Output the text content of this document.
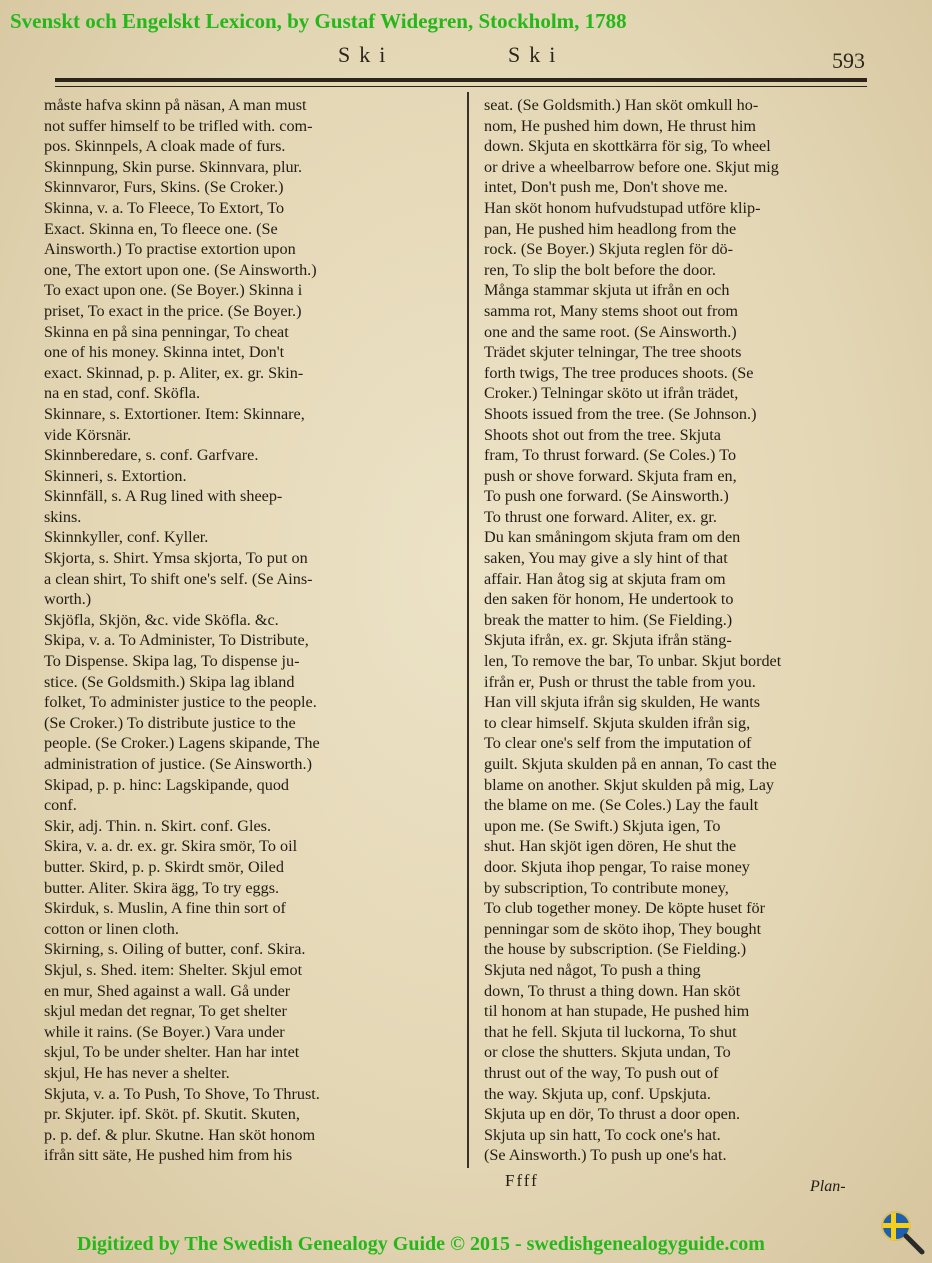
Svenskt och Engelskt Lexicon, by Gustaf Widegren, Stockholm, 1788
Ski	Ski	593
måste hafva skinn på näsan, A man must
not suffer himself to be trifled with. com-
pos. Skinnpels, A cloak made of furs.
Skinnpung, Skin purse. Skinnvara, plur.
Skinnvaror, Furs, Skins. (Se Croker.)
Skinna, v. a. To Fleece, To Extort, To
Exact. Skinna en, To fleece one. (Se
Ainsworth.) To practise extortion upon
one, The extort upon one. (Se Ainsworth.)
To exact upon one. (Se Boyer.) Skinna i
priset, To exact in the price. (Se Boyer.)
Skinna en på sina penningar, To cheat
one of his money. Skinna intet, Don't
exact. Skinnad, p. p. Aliter, ex. gr. Skin-
na en stad, conf. Sköfla.
Skinnare, s. Extortioner. Item: Skinnare,
vide Körsnär.
Skinnberedare, s. conf. Garfvare.
Skinneri, s. Extortion.
Skinnfäll, s. A Rug lined with sheep-
skins.
Skinnkyller, conf. Kyller.
Skjorta, s. Shirt. Ymsa skjorta, To put on
a clean shirt, To shift one's self. (Se Ains-
worth.)
Skjöfla, Skjön, &c. vide Sköfla. &c.
Skipa, v. a. To Administer, To Distribute,
To Dispense. Skipa lag, To dispense ju-
stice. (Se Goldsmith.) Skipa lag ibland
folket, To administer justice to the people.
(Se Croker.) To distribute justice to the
people. (Se Croker.) Lagens skipande, The
administration of justice. (Se Ainsworth.)
Skipad, p. p. hinc: Lagskipande, quod
conf.
Skir, adj. Thin. n. Skirt. conf. Gles.
Skira, v. a. dr. ex. gr. Skira smör, To oil
butter. Skird, p. p. Skirdt smör, Oiled
butter. Aliter. Skira ägg, To try eggs.
Skirduk, s. Muslin, A fine thin sort of
cotton or linen cloth.
Skirning, s. Oiling of butter, conf. Skira.
Skjul, s. Shed. item: Shelter. Skjul emot
en mur, Shed against a wall. Gå under
skjul medan det regnar, To get shelter
while it rains. (Se Boyer.) Vara under
skjul, To be under shelter. Han har intet
skjul, He has never a shelter.
Skjuta, v. a. To Push, To Shove, To Thrust.
pr. Skjuter. ipf. Sköt. pf. Skutit. Skuten,
p. p. def. & plur. Skutne. Han sköt honom
ifrån sitt säte, He pushed him from his
seat. (Se Goldsmith.) Han sköt omkull ho-
nom, He pushed him down, He thrust him
down. Skjuta en skottkärra för sig, To wheel
or drive a wheelbarrow before one. Skjut mig
intet, Don't push me, Don't shove me.
Han sköt honom hufvudstupad utföre klip-
pan, He pushed him headlong from the
rock. (Se Boyer.) Skjuta reglen för dö-
ren, To slip the bolt before the door.
Många stammar skjuta ut ifrån en och
samma rot, Many stems shoot out from
one and the same root. (Se Ainsworth.)
Trädet skjuter telningar, The tree shoots
forth twigs, The tree produces shoots. (Se
Croker.) Telningar sköto ut ifrån trädet,
Shoots issued from the tree. (Se Johnson.)
Shoots shot out from the tree. Skjuta
fram, To thrust forward. (Se Coles.) To
push or shove forward. Skjuta fram en,
To push one forward. (Se Ainsworth.)
To thrust one forward. Aliter, ex. gr.
Du kan småningom skjuta fram om den
saken, You may give a sly hint of that
affair. Han åtog sig at skjuta fram om
den saken för honom, He undertook to
break the matter to him. (Se Fielding.)
Skjuta ifrån, ex. gr. Skjuta ifrån stäng-
len, To remove the bar, To unbar. Skjut bordet
ifrån er, Push or thrust the table from you.
Han vill skjuta ifrån sig skulden, He wants
to clear himself. Skjuta skulden ifrån sig,
To clear one's self from the imputation of
guilt. Skjuta skulden på en annan, To cast the
blame on another. Skjut skulden på mig, Lay
the blame on me. (Se Coles.) Lay the fault
upon me. (Se Swift.) Skjuta igen, To
shut. Han skjöt igen dören, He shut the
door. Skjuta ihop pengar, To raise money
by subscription, To contribute money,
To club together money. De köpte huset för
penningar som de sköto ihop, They bought
the house by subscription. (Se Fielding.)
Skjuta ned något, To push a thing
down, To thrust a thing down. Han sköt
til honom at han stupade, He pushed him
that he fell. Skjuta til luckorna, To shut
or close the shutters. Skjuta undan, To
thrust out of the way, To push out of
the way. Skjuta up, conf. Upskjuta.
Skjuta up en dör, To thrust a door open.
Skjuta up sin hatt, To cock one's hat.
(Se Ainsworth.) To push up one's hat.
Ffff	Plan-
Digitized by The Swedish Genealogy Guide © 2015 - swedishgenealogyguide.com
